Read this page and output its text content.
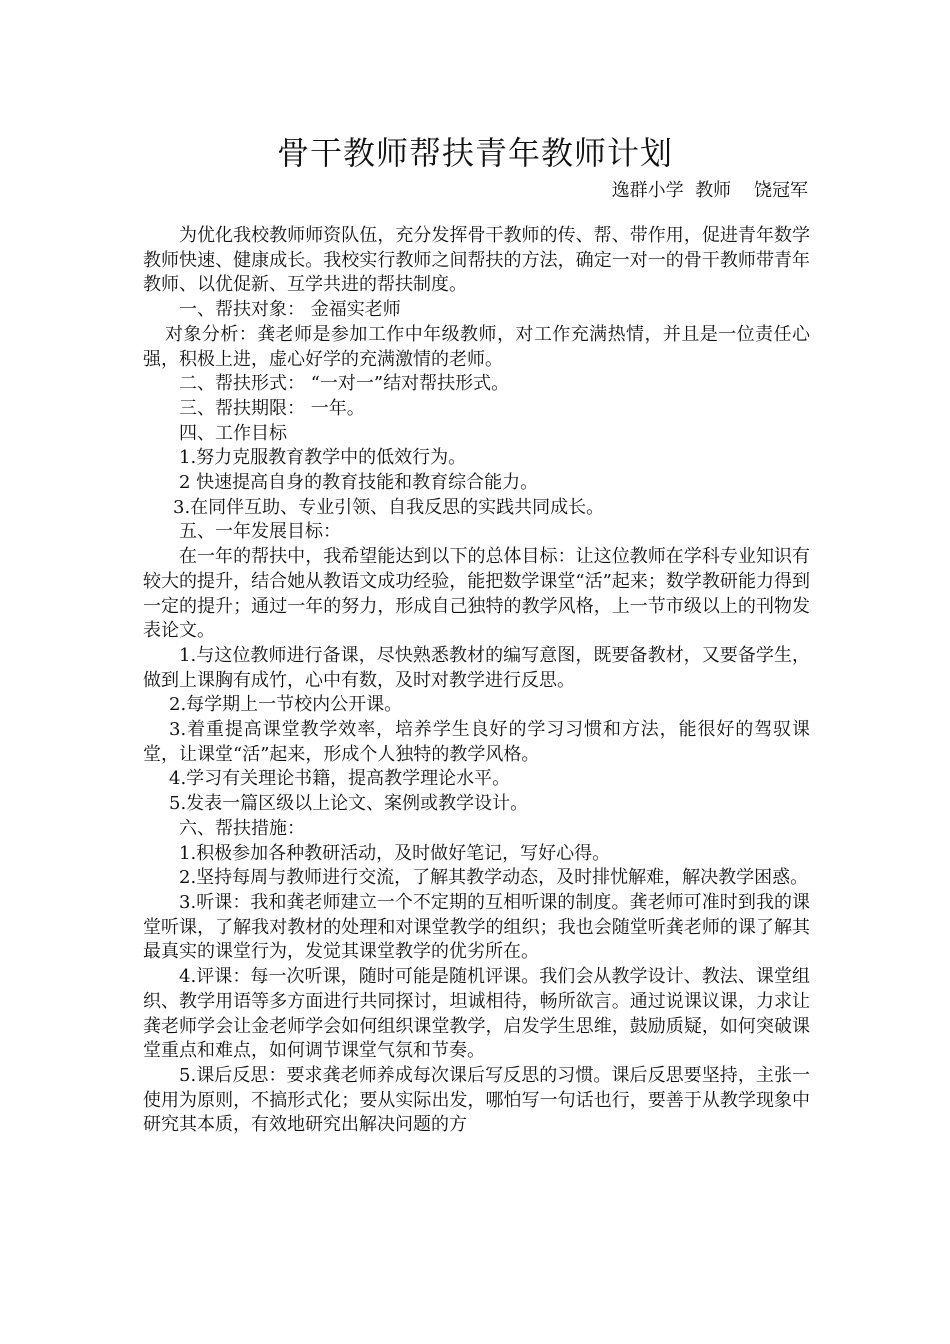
骨干教师帮扶青年教师计划

逸群小学  教师    饶冠军

为优化我校教师师资队伍，充分发挥骨干教师的传、帮、带作用，促进青年数学教师快速、健康成长。我校实行教师之间帮扶的方法，确定一对一的骨干教师带青年教师、以优促新、互学共进的帮扶制度。

一、帮扶对象： 金福实老师

对象分析：龚老师是参加工作中年级教师，对工作充满热情，并且是一位责任心强，积极上进，虚心好学的充满激情的老师。

二、帮扶形式： “一对一”结对帮扶形式。

三、帮扶期限： 一年。

四、工作目标

1.努力克服教育教学中的低效行为。

2 快速提高自身的教育技能和教育综合能力。

3.在同伴互助、专业引领、自我反思的实践共同成长。

五、一年发展目标：

在一年的帮扶中，我希望能达到以下的总体目标：让这位教师在学科专业知识有较大的提升，结合她从教语文成功经验，能把数学课堂“活”起来；数学教研能力得到一定的提升；通过一年的努力，形成自己独特的教学风格，上一节市级以上的刊物发表论文。

1.与这位教师进行备课，尽快熟悉教材的编写意图，既要备教材，又要备学生，做到上课胸有成竹，心中有数，及时对教学进行反思。

2.每学期上一节校内公开课。

3.着重提高课堂教学效率，培养学生良好的学习习惯和方法，能很好的驾驭课堂，让课堂“活”起来，形成个人独特的教学风格。

4.学习有关理论书籍，提高教学理论水平。

5.发表一篇区级以上论文、案例或教学设计。

六、帮扶措施：

1.积极参加各种教研活动，及时做好笔记，写好心得。

2.坚持每周与教师进行交流，了解其教学动态，及时排忧解难，解决教学困惑。

3.听课：我和龚老师建立一个不定期的互相听课的制度。龚老师可准时到我的课堂听课，了解我对教材的处理和对课堂教学的组织；我也会随堂听龚老师的课了解其最真实的课堂行为，发觉其课堂教学的优劣所在。

4.评课：每一次听课，随时可能是随机评课。我们会从教学设计、教法、课堂组织、教学用语等多方面进行共同探讨，坦诚相待，畅所欲言。通过说课议课，力求让龚老师学会让金老师学会如何组织课堂教学，启发学生思维，鼓励质疑，如何突破课堂重点和难点，如何调节课堂气氛和节奏。

5.课后反思：要求龚老师养成每次课后写反思的习惯。课后反思要坚持，主张一使用为原则，不搞形式化；要从实际出发，哪怕写一句话也行，要善于从教学现象中研究其本质，有效地研究出解决问题的方
